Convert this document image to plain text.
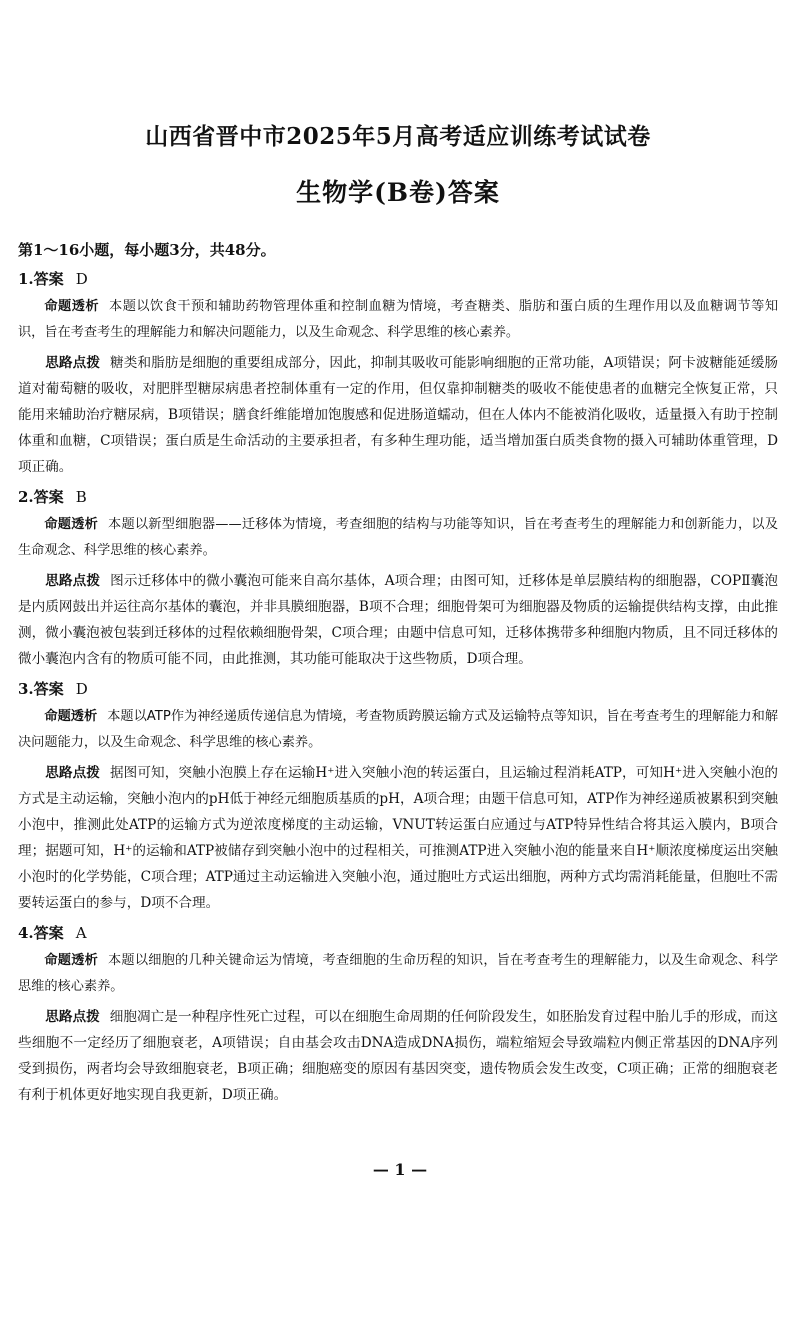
山西省晋中市2025年5月高考适应训练考试试卷
生物学(B卷)答案
第1～16小题，每小题3分，共48分。
1.答案 D

命题透析 本题以饮食干预和辅助药物管理体重和控制血糖为情境，考查糖类、脂肪和蛋白质的生理作用以及血糖调节等知识，旨在考查考生的理解能力和解决问题能力，以及生命观念、科学思维的核心素养。

思路点拨 糖类和脂肪是细胞的重要组成部分，因此，抑制其吸收可能影响细胞的正常功能，A项错误；阿卡波糖能延缓肠道对葡萄糖的吸收，对肥胖型糖尿病患者控制体重有一定的作用，但仅靠抑制糖类的吸收不能使患者的血糖完全恢复正常，只能用来辅助治疗糖尿病，B项错误；膳食纤维能增加饱腹感和促进肠道蠕动，但在人体内不能被消化吸收，适量摄入有助于控制体重和血糖，C项错误；蛋白质是生命活动的主要承担者，有多种生理功能，适当增加蛋白质类食物的摄入可辅助体重管理，D项正确。

2.答案 B

命题透析 本题以新型细胞器——迁移体为情境，考查细胞的结构与功能等知识，旨在考查考生的理解能力和创新能力，以及生命观念、科学思维的核心素养。

思路点拨 图示迁移体中的微小囊泡可能来自高尔基体，A项合理；由图可知，迁移体是单层膜结构的细胞器，COPⅡ囊泡是内质网鼓出并运往高尔基体的囊泡，并非具膜细胞器，B项不合理；细胞骨架可为细胞器及物质的运输提供结构支撑，由此推测，微小囊泡被包装到迁移体的过程依赖细胞骨架，C项合理；由题中信息可知，迁移体携带多种细胞内物质，且不同迁移体的微小囊泡内含有的物质可能不同，由此推测，其功能可能取决于这些物质，D项合理。

3.答案 D

命题透析 本题以ATP作为神经递质传递信息为情境，考查物质跨膜运输方式及运输特点等知识，旨在考查考生的理解能力和解决问题能力，以及生命观念、科学思维的核心素养。

思路点拨 据图可知，突触小泡膜上存在运输H⁺进入突触小泡的转运蛋白，且运输过程消耗ATP，可知H⁺进入突触小泡的方式是主动运输，突触小泡内的pH低于神经元细胞质基质的pH，A项合理；由题干信息可知，ATP作为神经递质被累积到突触小泡中，推测此处ATP的运输方式为逆浓度梯度的主动运输，VNUT转运蛋白应通过与ATP特异性结合将其运入膜内，B项合理；据题可知，H⁺的运输和ATP被储存到突触小泡中的过程相关，可推测ATP进入突触小泡的能量来自H⁺顺浓度梯度运出突触小泡时的化学势能，C项合理；ATP通过主动运输进入突触小泡，通过胞吐方式运出细胞，两种方式均需消耗能量，但胞吐不需要转运蛋白的参与，D项不合理。

4.答案 A

命题透析 本题以细胞的几种关键命运为情境，考查细胞的生命历程的知识，旨在考查考生的理解能力，以及生命观念、科学思维的核心素养。

思路点拨 细胞凋亡是一种程序性死亡过程，可以在细胞生命周期的任何阶段发生，如胚胎发育过程中胎儿手的形成，而这些细胞不一定经历了细胞衰老，A项错误；自由基会攻击DNA造成DNA损伤，端粒缩短会导致端粒内侧正常基因的DNA序列受到损伤，两者均会导致细胞衰老，B项正确；细胞癌变的原因有基因突变，遗传物质会发生改变，C项正确；正常的细胞衰老有利于机体更好地实现自我更新，D项正确。

— 1 —
